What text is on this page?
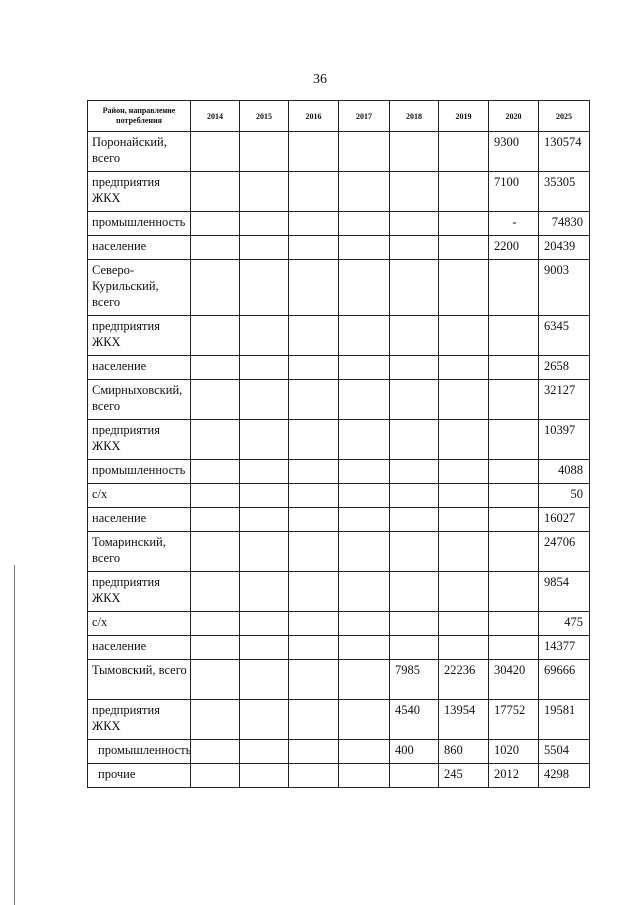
36
Район, направление потребления	2014	2015	2016	2017	2018	2019	2020	2025
Поронайский, всего							9300	130574
предприятия ЖКХ							7100	35305
промышленность							-	74830
население							2200	20439
Северо-Курильский, всего								9003
предприятия ЖКХ								6345
население								2658
Смирныховский, всего								32127
предприятия ЖКХ								10397
промышленность								4088
с/х								50
население								16027
Томаринский, всего								24706
предприятия ЖКХ								9854
с/х								475
население								14377
Тымовский, всего					7985	22236	30420	69666
предприятия ЖКХ					4540	13954	17752	19581
промышленность					400	860	1020	5504
прочие						245	2012	4298
